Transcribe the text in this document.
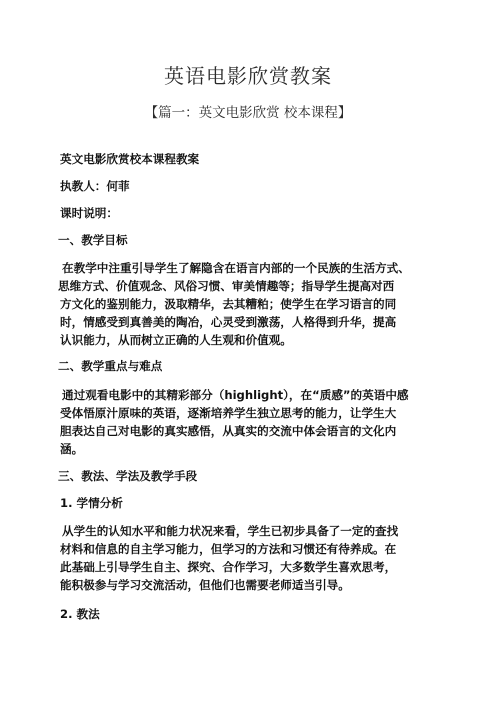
英语电影欣赏教案
【篇一：英文电影欣赏 校本课程】
英文电影欣赏校本课程教案
执教人：何菲
课时说明：
一、教学目标
在教学中注重引导学生了解隐含在语言内部的一个民族的生活方式、
思维方式、价值观念、风俗习惯、审美情趣等；指导学生提高对西
方文化的鉴别能力，汲取精华，去其糟粕；使学生在学习语言的同
时，情感受到真善美的陶冶，心灵受到激荡，人格得到升华，提高
认识能力，从而树立正确的人生观和价值观。
二、教学重点与难点
通过观看电影中的其精彩部分（highlight），在“质感”的英语中感
受体悟原汁原味的英语，逐渐培养学生独立思考的能力，让学生大
胆表达自己对电影的真实感悟，从真实的交流中体会语言的文化内
涵。
三、教法、学法及教学手段
1. 学情分析
从学生的认知水平和能力状况来看，学生已初步具备了一定的查找
材料和信息的自主学习能力，但学习的方法和习惯还有待养成。在
此基础上引导学生自主、探究、合作学习，大多数学生喜欢思考，
能积极参与学习交流活动，但他们也需要老师适当引导。
2. 教法
